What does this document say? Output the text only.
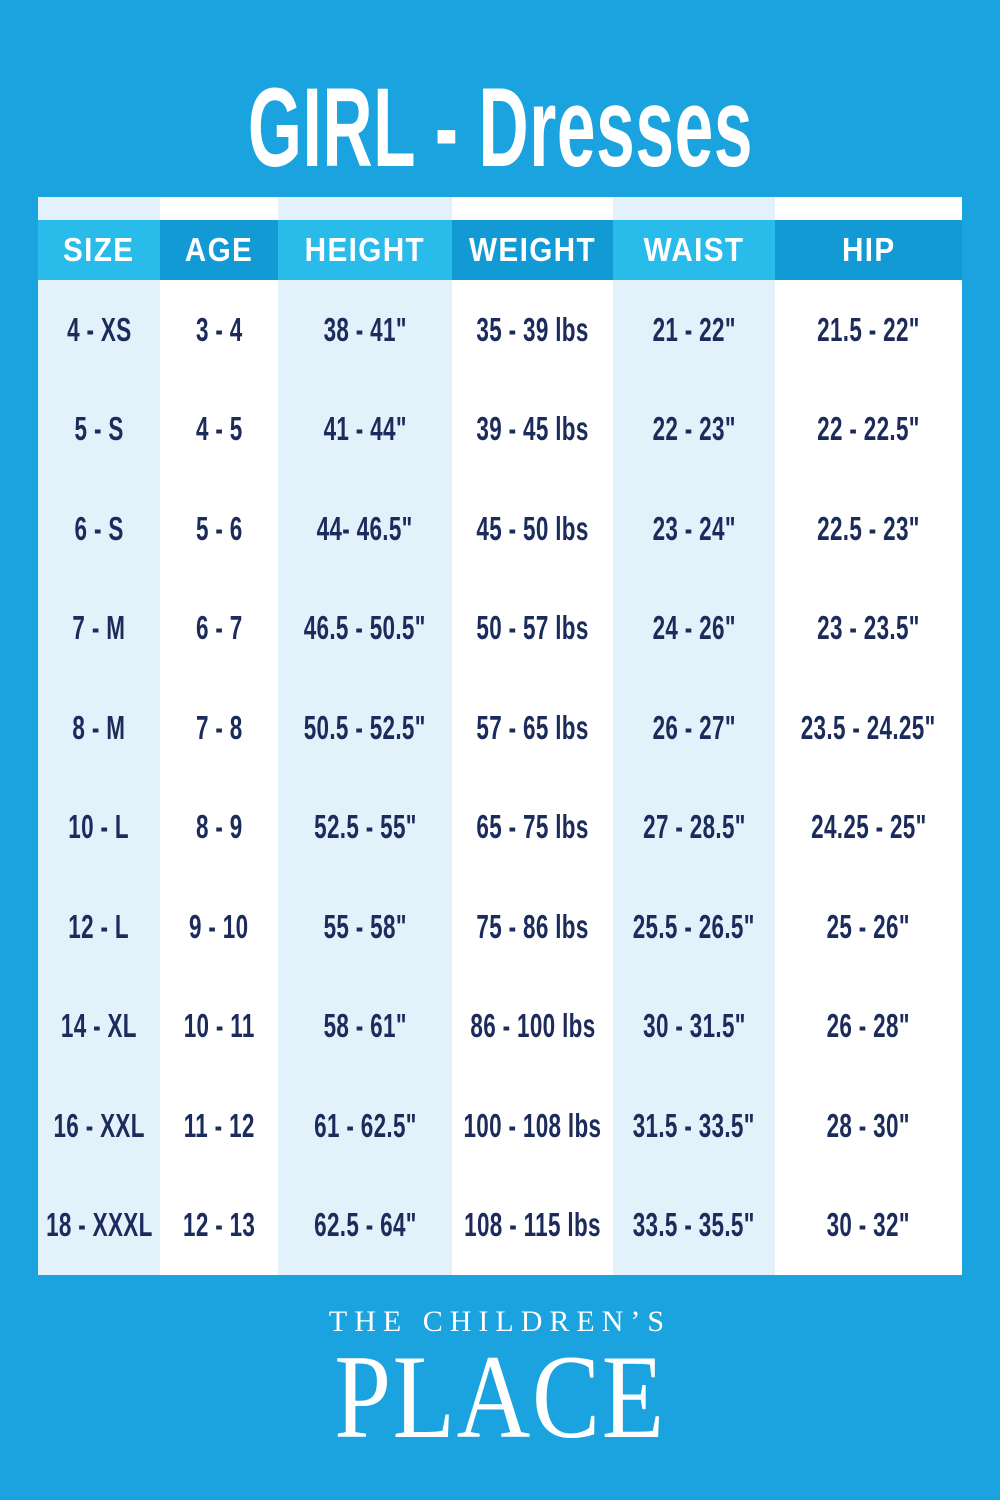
GIRL - Dresses
SIZE AGE HEIGHT WEIGHT WAIST	HIP
4 - XS 3 - 4 38 - 41" 35 - 39 lbs 21 - 22" 21.5 - 22"
5 - S 4 - 5 41 - 44" 39 - 45 lbs 22 - 23" 22 - 22.5"
6 - S 5 - 6 44- 46.5" 45 - 50 lbs 23 - 24" 22.5 - 23"
7 - M 6 - 7 46.5 - 50.5" 50 - 57 lbs 24 - 26" 23 - 23.5"
8 - M 7 - 8 50.5 - 52.5" 57 - 65 lbs 26 - 27" 23.5 - 24.25"
10 - L 8 - 9 52.5 - 55" 65 - 75 lbs 27 - 28.5" 24.25 - 25"
12 - L 9 - 10 55 - 58" 75 - 86 lbs 25.5 - 26.5" 25 - 26"
14 - XL 10 - 11 58 - 61" 86 - 100 lbs 30 - 31.5" 26 - 28"
16 - XXL 11 - 12 61 - 62.5" 100 - 108 lbs 31.5 - 33.5" 28 - 30"
18 - XXXL 12 - 13 62.5 - 64" 108 - 115 lbs 33.5 - 35.5" 30 - 32"
THE CHILDREN’S
PLACE
